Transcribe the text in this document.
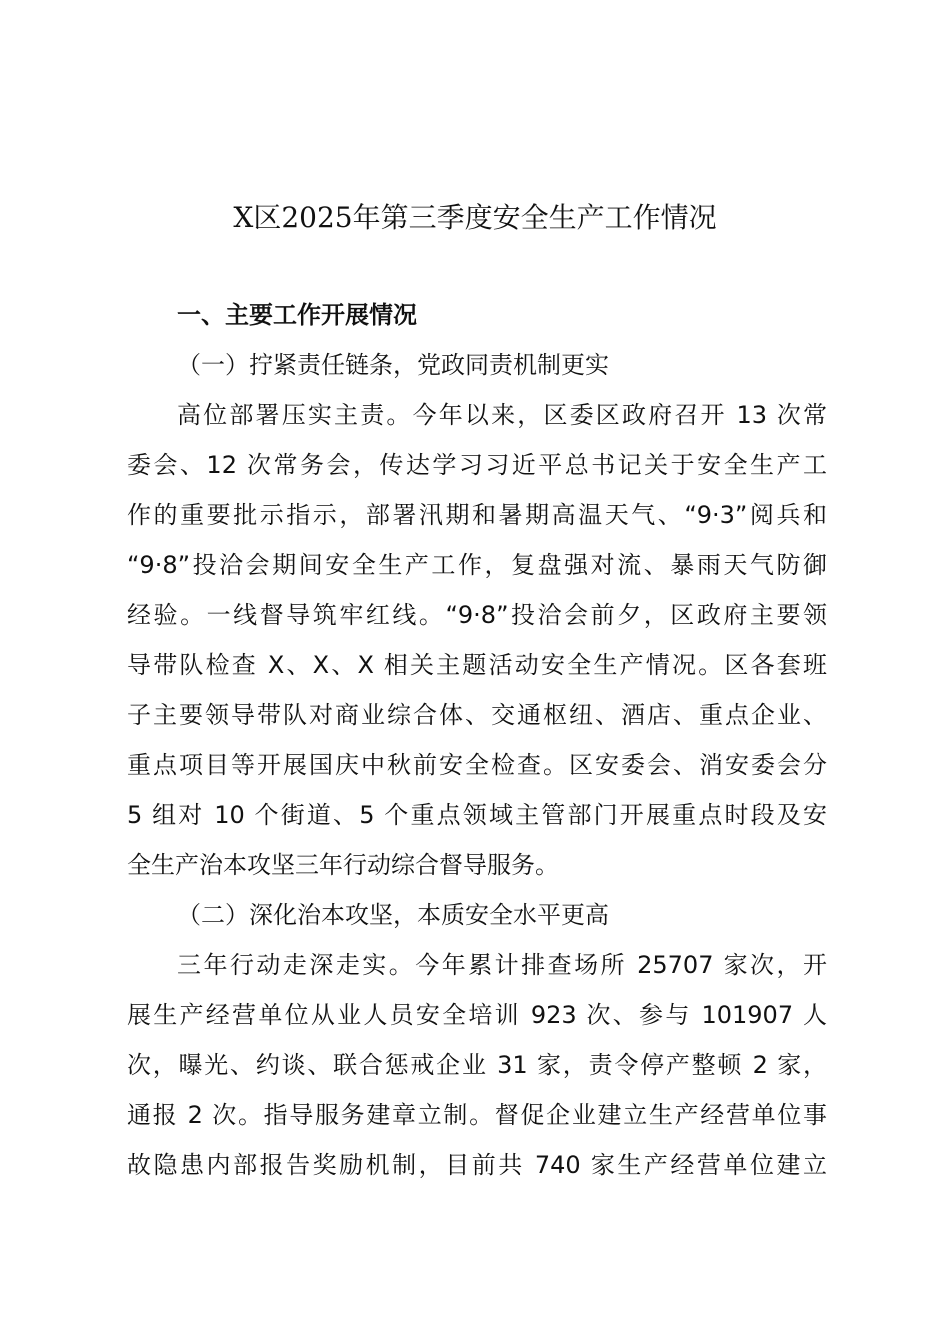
X区2025年第三季度安全生产工作情况
一、主要工作开展情况
（一）拧紧责任链条，党政同责机制更实
高位部署压实主责。今年以来，区委区政府召开 13 次常
委会、12 次常务会，传达学习习近平总书记关于安全生产工
作的重要批示指示，部署汛期和暑期高温天气、“9·3”阅兵和
“9·8”投洽会期间安全生产工作，复盘强对流、暴雨天气防御
经验。一线督导筑牢红线。“9·8”投洽会前夕，区政府主要领
导带队检查 X、X、X 相关主题活动安全生产情况。区各套班
子主要领导带队对商业综合体、交通枢纽、酒店、重点企业、
重点项目等开展国庆中秋前安全检查。区安委会、消安委会分
5 组对 10 个街道、5 个重点领域主管部门开展重点时段及安
全生产治本攻坚三年行动综合督导服务。
（二）深化治本攻坚，本质安全水平更高
三年行动走深走实。今年累计排查场所 25707 家次，开
展生产经营单位从业人员安全培训 923 次、参与 101907 人
次，曝光、约谈、联合惩戒企业 31 家，责令停产整顿 2 家，
通报 2 次。指导服务建章立制。督促企业建立生产经营单位事
故隐患内部报告奖励机制，目前共 740 家生产经营单位建立
